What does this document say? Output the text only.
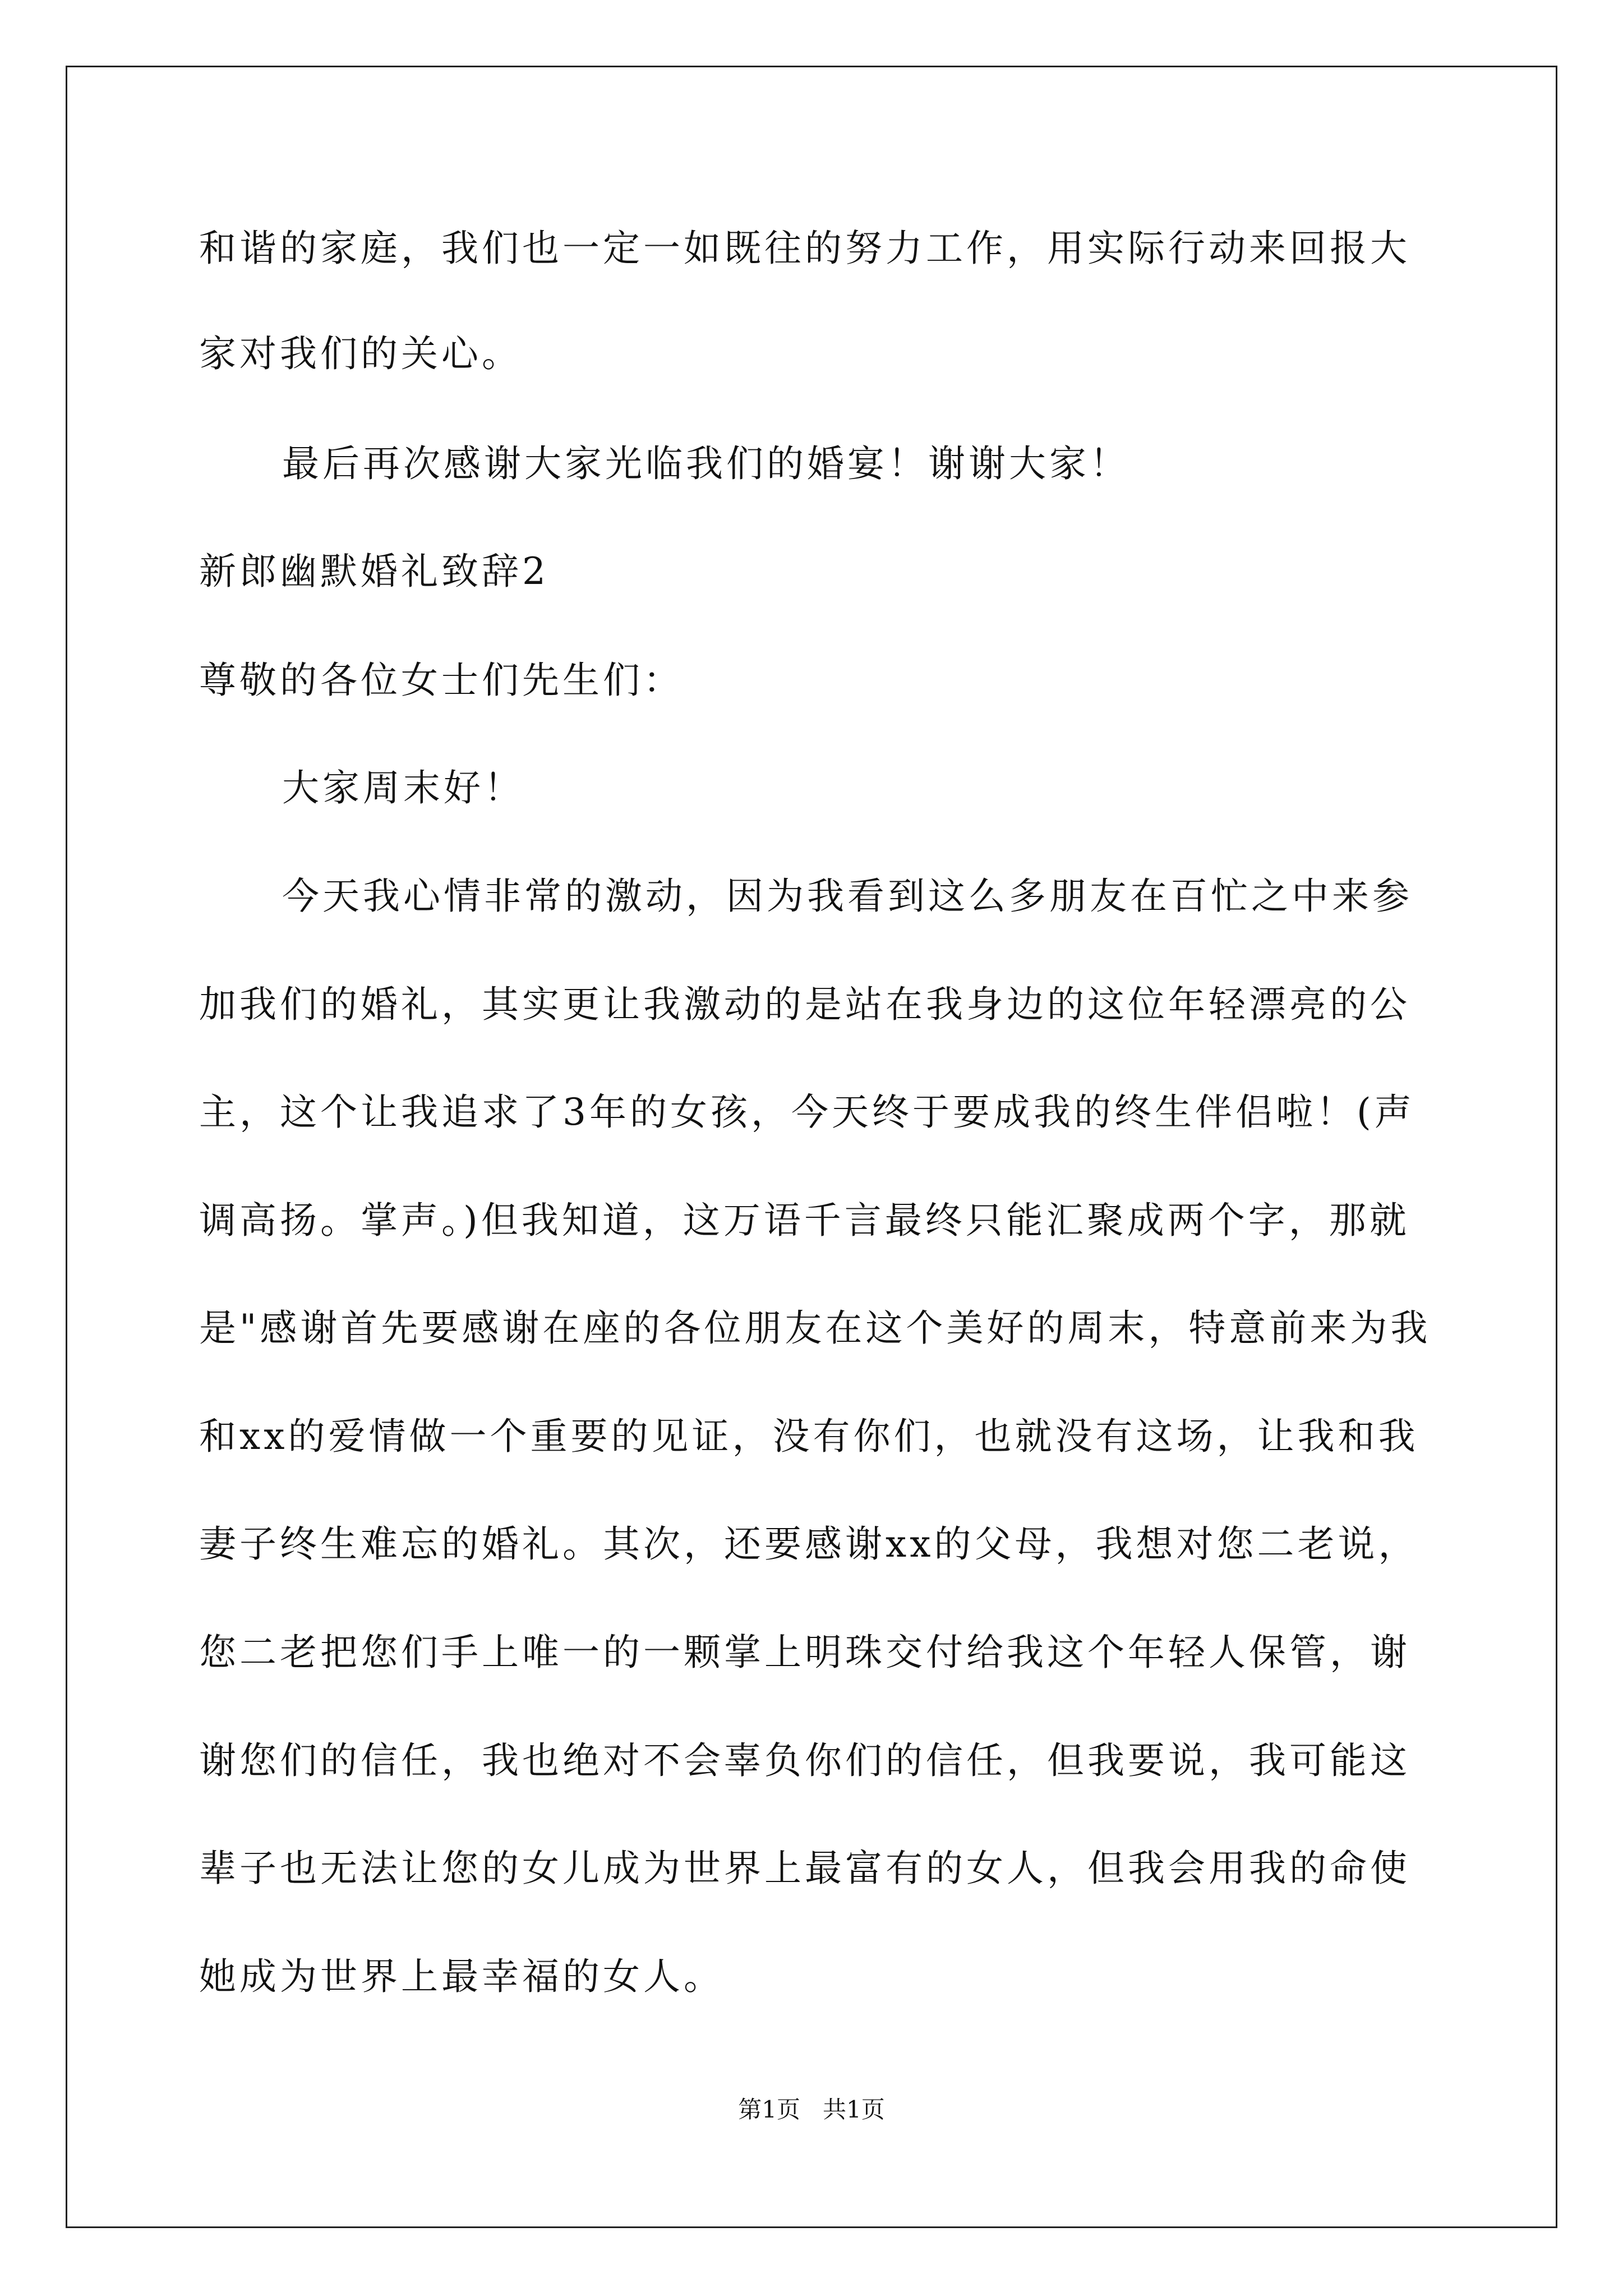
和谐的家庭，我们也一定一如既往的努力工作，用实际行动来回报大
家对我们的关心。
最后再次感谢大家光临我们的婚宴！谢谢大家！
新郎幽默婚礼致辞2
尊敬的各位女士们先生们：
大家周末好！
今天我心情非常的激动，因为我看到这么多朋友在百忙之中来参
加我们的婚礼，其实更让我激动的是站在我身边的这位年轻漂亮的公
主，这个让我追求了3年的女孩，今天终于要成我的终生伴侣啦！(声
调高扬。掌声。)但我知道，这万语千言最终只能汇聚成两个字，那就
是"感谢首先要感谢在座的各位朋友在这个美好的周末，特意前来为我
和xx的爱情做一个重要的见证，没有你们，也就没有这场，让我和我
妻子终生难忘的婚礼。其次，还要感谢xx的父母，我想对您二老说，
您二老把您们手上唯一的一颗掌上明珠交付给我这个年轻人保管，谢
谢您们的信任，我也绝对不会辜负你们的信任，但我要说，我可能这
辈子也无法让您的女儿成为世界上最富有的女人，但我会用我的命使
她成为世界上最幸福的女人。
第1页   共1页
